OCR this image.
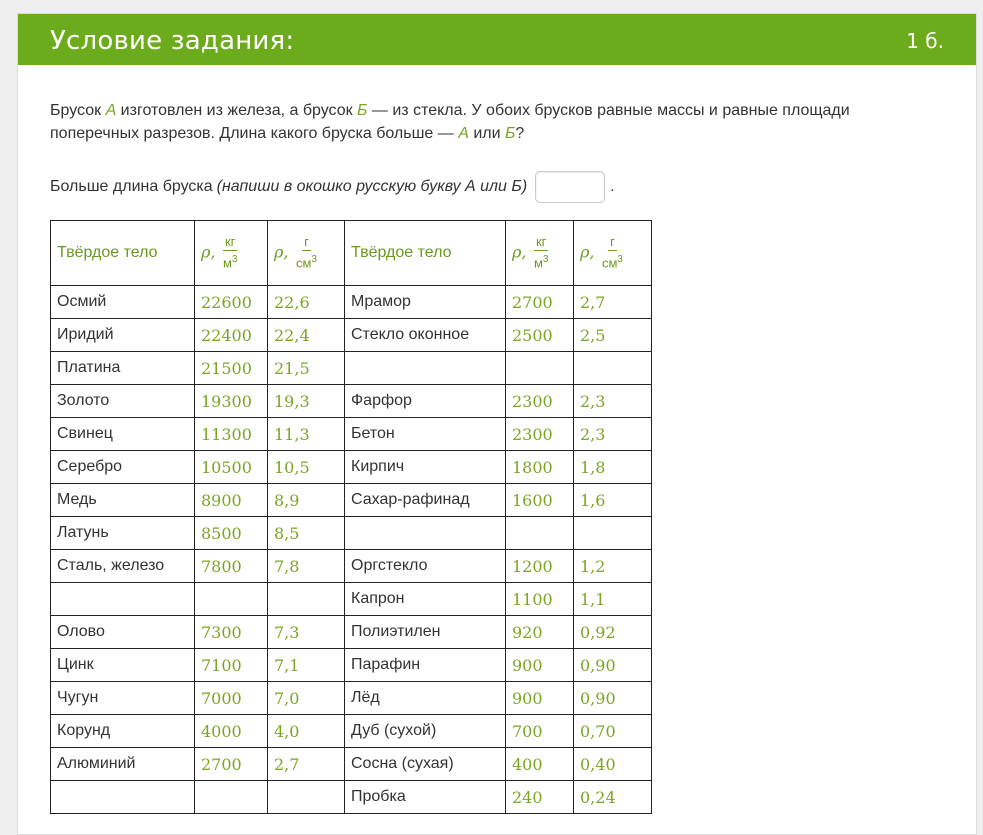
Условие задания:	1 б.
Брусок А изготовлен из железа, а брусок Б — из стекла. У обоих брусков равные массы и равные площади поперечных разрезов. Длина какого бруска больше — А или Б?
Больше длина бруска (напиши в окошко русскую букву А или Б)	.
Твёрдое тело	ρ, $\frac{кг}{м^3}$	ρ, $\frac{г}{см^3}$	Твёрдое тело	ρ, $\frac{кг}{м^3}$	ρ, $\frac{г}{см^3}$

Осмий	22600	22,6	Мрамор	2700	2,7
Иридий	22400	22,4	Стекло оконное	2500	2,5
Платина	21500	21,5			
Золото	19300	19,3	Фарфор	2300	2,3
Свинец	11300	11,3	Бетон	2300	2,3
Серебро	10500	10,5	Кирпич	1800	1,8
Медь	8900	8,9	Сахар-рафинад	1600	1,6
Латунь	8500	8,5			
Сталь, железо	7800	7,8	Оргстекло	1200	1,2
			Капрон	1100	1,1
Олово	7300	7,3	Полиэтилен	920	0,92
Цинк	7100	7,1	Парафин	900	0,90
Чугун	7000	7,0	Лёд	900	0,90
Корунд	4000	4,0	Дуб (сухой)	700	0,70
Алюминий	2700	2,7	Сосна (сухая)	400	0,40
			Пробка	240	0,24
